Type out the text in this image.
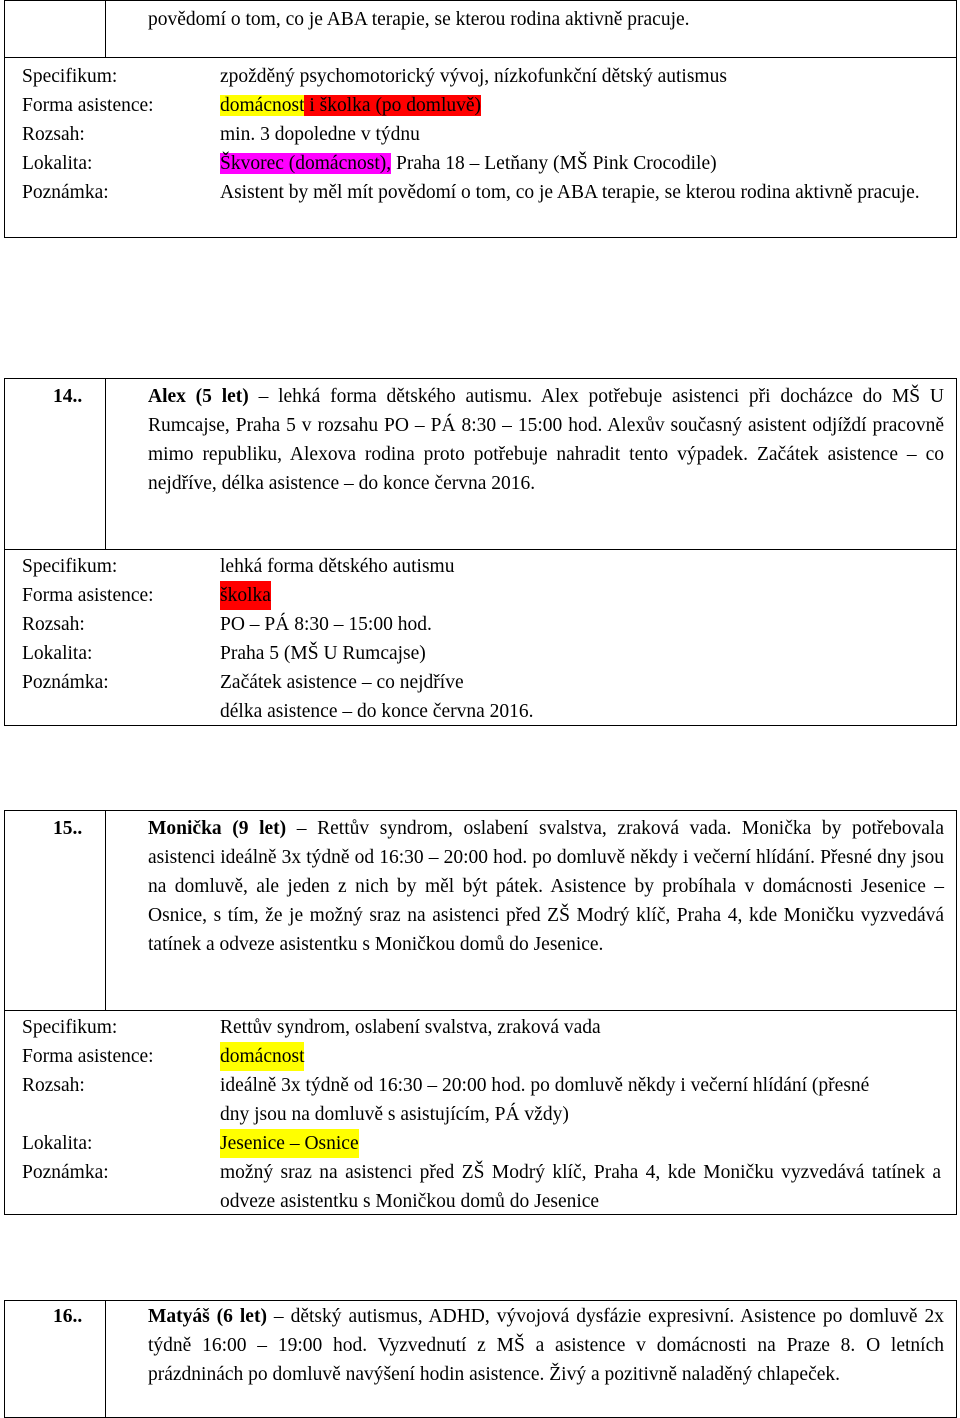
povědomí o tom, co je ABA terapie, se kterou rodina aktivně pracuje.
Specifikum:	zpožděný psychomotorický vývoj, nízkofunkční dětský autismus
Forma asistence:	domácnost i školka (po domluvě)
Rozsah:	min. 3 dopoledne v týdnu
Lokalita:	Škvorec (domácnost), Praha 18 – Letňany (MŠ Pink Crocodile)
Poznámka:	Asistent by měl mít povědomí o tom, co je ABA terapie, se kterou rodina aktivně pracuje.
14..	Alex (5 let) – lehká forma dětského autismu. Alex potřebuje asistenci při docházce do MŠ U Rumcajse, Praha 5 v rozsahu PO – PÁ 8:30 – 15:00 hod. Alexův současný asistent odjíždí pracovně mimo republiku, Alexova rodina proto potřebuje nahradit tento výpadek. Začátek asistence – co nejdříve, délka asistence – do konce června 2016.
Specifikum:	lehká forma dětského autismu
Forma asistence:	školka
Rozsah:	PO – PÁ 8:30 – 15:00 hod.
Lokalita:	Praha 5 (MŠ U Rumcajse)
Poznámka:	Začátek asistence – co nejdříve
délka asistence – do konce června 2016.
15..	Monička (9 let) – Rettův syndrom, oslabení svalstva, zraková vada. Monička by potřebovala asistenci ideálně 3x týdně od 16:30 – 20:00 hod. po domluvě někdy i večerní hlídání. Přesné dny jsou na domluvě, ale jeden z nich by měl být pátek. Asistence by probíhala v domácnosti Jesenice – Osnice, s tím, že je možný sraz na asistenci před ZŠ Modrý klíč, Praha 4, kde Moničku vyzvedává tatínek a odveze asistentku s Moničkou domů do Jesenice.
Specifikum:	Rettův syndrom, oslabení svalstva, zraková vada
Forma asistence:	domácnost
Rozsah:	ideálně 3x týdně od 16:30 – 20:00 hod. po domluvě někdy i večerní hlídání (přesné dny jsou na domluvě s asistujícím, PÁ vždy)
Lokalita:	Jesenice – Osnice
Poznámka:	možný sraz na asistenci před ZŠ Modrý klíč, Praha 4, kde Moničku vyzvedává tatínek a odveze asistentku s Moničkou domů do Jesenice
16..	Matyáš (6 let) – dětský autismus, ADHD, vývojová dysfázie expresivní. Asistence po domluvě 2x týdně 16:00 – 19:00 hod. Vyzvednutí z MŠ a asistence v domácnosti na Praze 8. O letních prázdninách po domluvě navýšení hodin asistence. Živý a pozitivně naladěný chlapeček.
